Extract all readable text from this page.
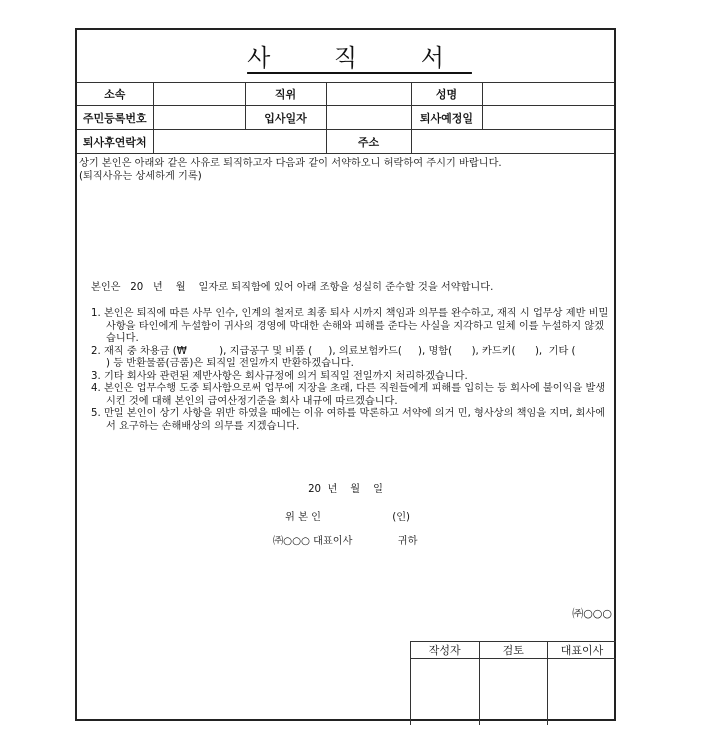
사 직 서
소속		직위		성명	
주민등록번호		입사일자		퇴사예정일	
퇴사후연락처			주소		
상기 본인은 아래와 같은 사유로 퇴직하고자 다음과 같이 서약하오니 허락하여 주시기 바랍니다.
(퇴직사유는 상세하게 기록)
본인은   20   년    월    일자로 퇴직함에 있어 아래 조항을 성실히 준수할 것을 서약합니다.
1. 본인은 퇴직에 따른 사무 인수, 인계의 철저로 최종 퇴사 시까지 책임과 의무를 완수하고, 재직 시 업무상 제반 비밀사항을 타인에게 누설함이 귀사의 경영에 막대한 손해와 피해를 준다는 사실을 지각하고 일체 이를 누설하지 않겠습니다.
2. 재직 중 차용금 (₩          ), 지급공구 및 비품 (     ), 의료보험카드(     ), 명함(      ), 카드키(      ),  기타 (               ) 등 반환물품(금품)은 퇴직일 전일까지 반환하겠습니다.
3. 기타 회사와 관련된 제반사항은 회사규정에 의거 퇴직일 전일까지 처리하겠습니다.
4. 본인은 업무수행 도중 퇴사함으로써 업무에 지장을 초래, 다른 직원들에게 피해를 입히는 등 회사에 불이익을 발생시킨 것에 대해 본인의 급여산정기준을 회사 내규에 따르겠습니다.
5. 만일 본인이 상기 사항을 위반 하였을 때에는 이유 여하를 막론하고 서약에 의거 민, 형사상의 책임을 지며, 회사에서 요구하는 손해배상의 의무를 지겠습니다.
20  년    월    일
위 본 인                      (인)
㈜○○○ 대표이사              귀하
㈜○○○
작성자	검토	대표이사
